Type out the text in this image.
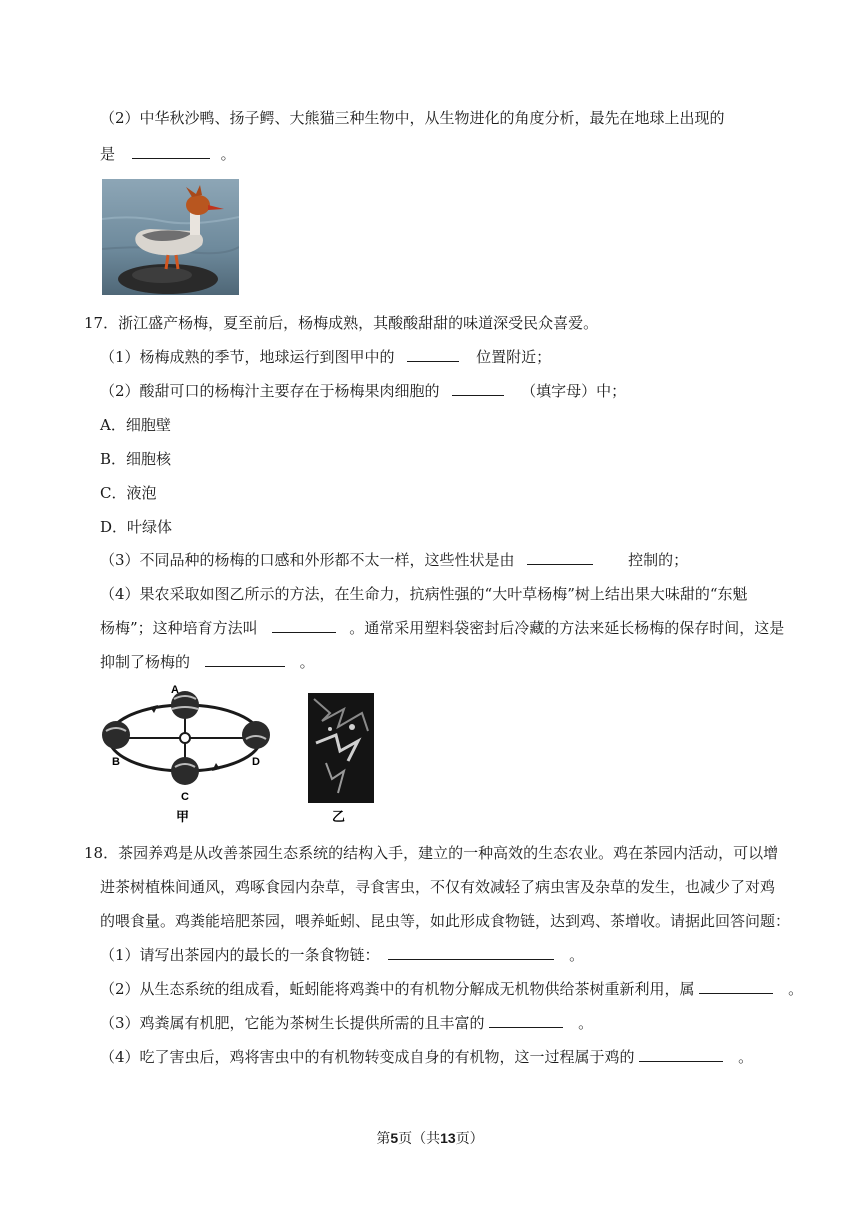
（2）中华秋沙鸭、扬子鳄、大熊猫三种生物中，从生物进化的角度分析，最先在地球上出现的
是	。
17．浙江盛产杨梅，夏至前后，杨梅成熟，其酸酸甜甜的味道深受民众喜爱。
（1）杨梅成熟的季节，地球运行到图甲中的	位置附近；
（2）酸甜可口的杨梅汁主要存在于杨梅果肉细胞的	（填字母）中；
A．细胞壁
B．细胞核
C．液泡
D．叶绿体
（3）不同品种的杨梅的口感和外形都不太一样，这些性状是由	控制的；
（4）果农采取如图乙所示的方法，在生命力，抗病性强的“大叶草杨梅”树上结出果大味甜的“东魁
杨梅”；这种培育方法叫	。通常采用塑料袋密封后冷藏的方法来延长杨梅的保存时间，这是
抑制了杨梅的	。
A
B
C
D
甲	乙
18．茶园养鸡是从改善茶园生态系统的结构入手，建立的一种高效的生态农业。鸡在茶园内活动，可以增
进茶树植株间通风，鸡啄食园内杂草，寻食害虫，不仅有效减轻了病虫害及杂草的发生，也减少了对鸡
的喂食量。鸡粪能培肥茶园，喂养蚯蚓、昆虫等，如此形成食物链，达到鸡、茶增收。请据此回答问题：
（1）请写出茶园内的最长的一条食物链：	。
（2）从生态系统的组成看，蚯蚓能将鸡粪中的有机物分解成无机物供给茶树重新利用，属	。
（3）鸡粪属有机肥，它能为茶树生长提供所需的且丰富的	。
（4）吃了害虫后，鸡将害虫中的有机物转变成自身的有机物，这一过程属于鸡的	。
第5页（共13页）
